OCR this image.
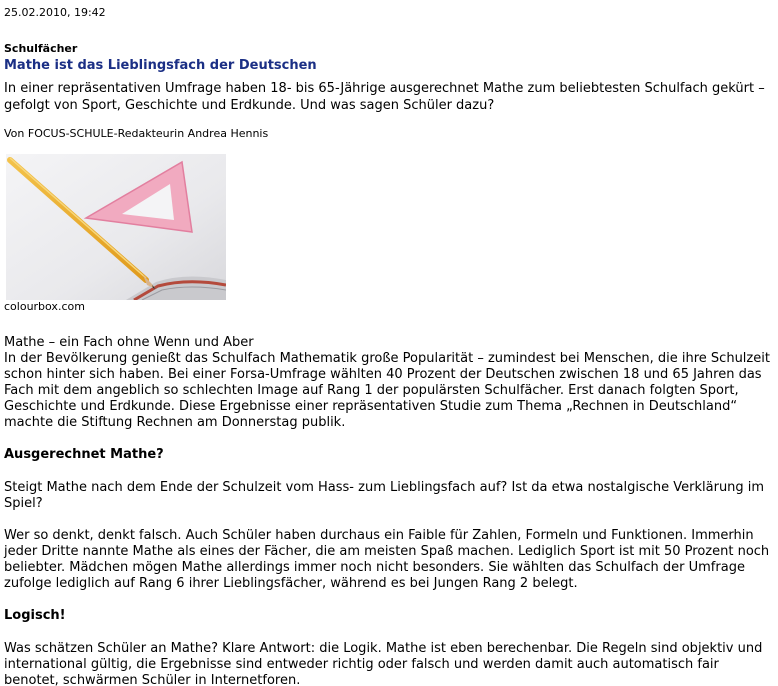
25.02.2010, 19:42
Schulfächer
Mathe ist das Lieblingsfach der Deutschen
In einer repräsentativen Umfrage haben 18- bis 65-Jährige ausgerechnet Mathe zum beliebtesten Schulfach gekürt – gefolgt von Sport, Geschichte und Erdkunde. Und was sagen Schüler dazu?
Von FOCUS-SCHULE-Redakteurin Andrea Hennis
colourbox.com
Mathe – ein Fach ohne Wenn und Aber
In der Bevölkerung genießt das Schulfach Mathematik große Popularität – zumindest bei Menschen, die ihre Schulzeit schon hinter sich haben. Bei einer Forsa-Umfrage wählten 40 Prozent der Deutschen zwischen 18 und 65 Jahren das Fach mit dem angeblich so schlechten Image auf Rang 1 der populärsten Schulfächer. Erst danach folgten Sport, Geschichte und Erdkunde. Diese Ergebnisse einer repräsentativen Studie zum Thema „Rechnen in Deutschland“ machte die Stiftung Rechnen am Donnerstag publik.
Ausgerechnet Mathe?
Steigt Mathe nach dem Ende der Schulzeit vom Hass- zum Lieblingsfach auf? Ist da etwa nostalgische Verklärung im Spiel?
Wer so denkt, denkt falsch. Auch Schüler haben durchaus ein Faible für Zahlen, Formeln und Funktionen. Immerhin jeder Dritte nannte Mathe als eines der Fächer, die am meisten Spaß machen. Lediglich Sport ist mit 50 Prozent noch beliebter. Mädchen mögen Mathe allerdings immer noch nicht besonders. Sie wählten das Schulfach der Umfrage zufolge lediglich auf Rang 6 ihrer Lieblingsfächer, während es bei Jungen Rang 2 belegt.
Logisch!
Was schätzen Schüler an Mathe? Klare Antwort: die Logik. Mathe ist eben berechenbar. Die Regeln sind objektiv und international gültig, die Ergebnisse sind entweder richtig oder falsch und werden damit auch automatisch fair benotet, schwärmen Schüler in Internetforen.
